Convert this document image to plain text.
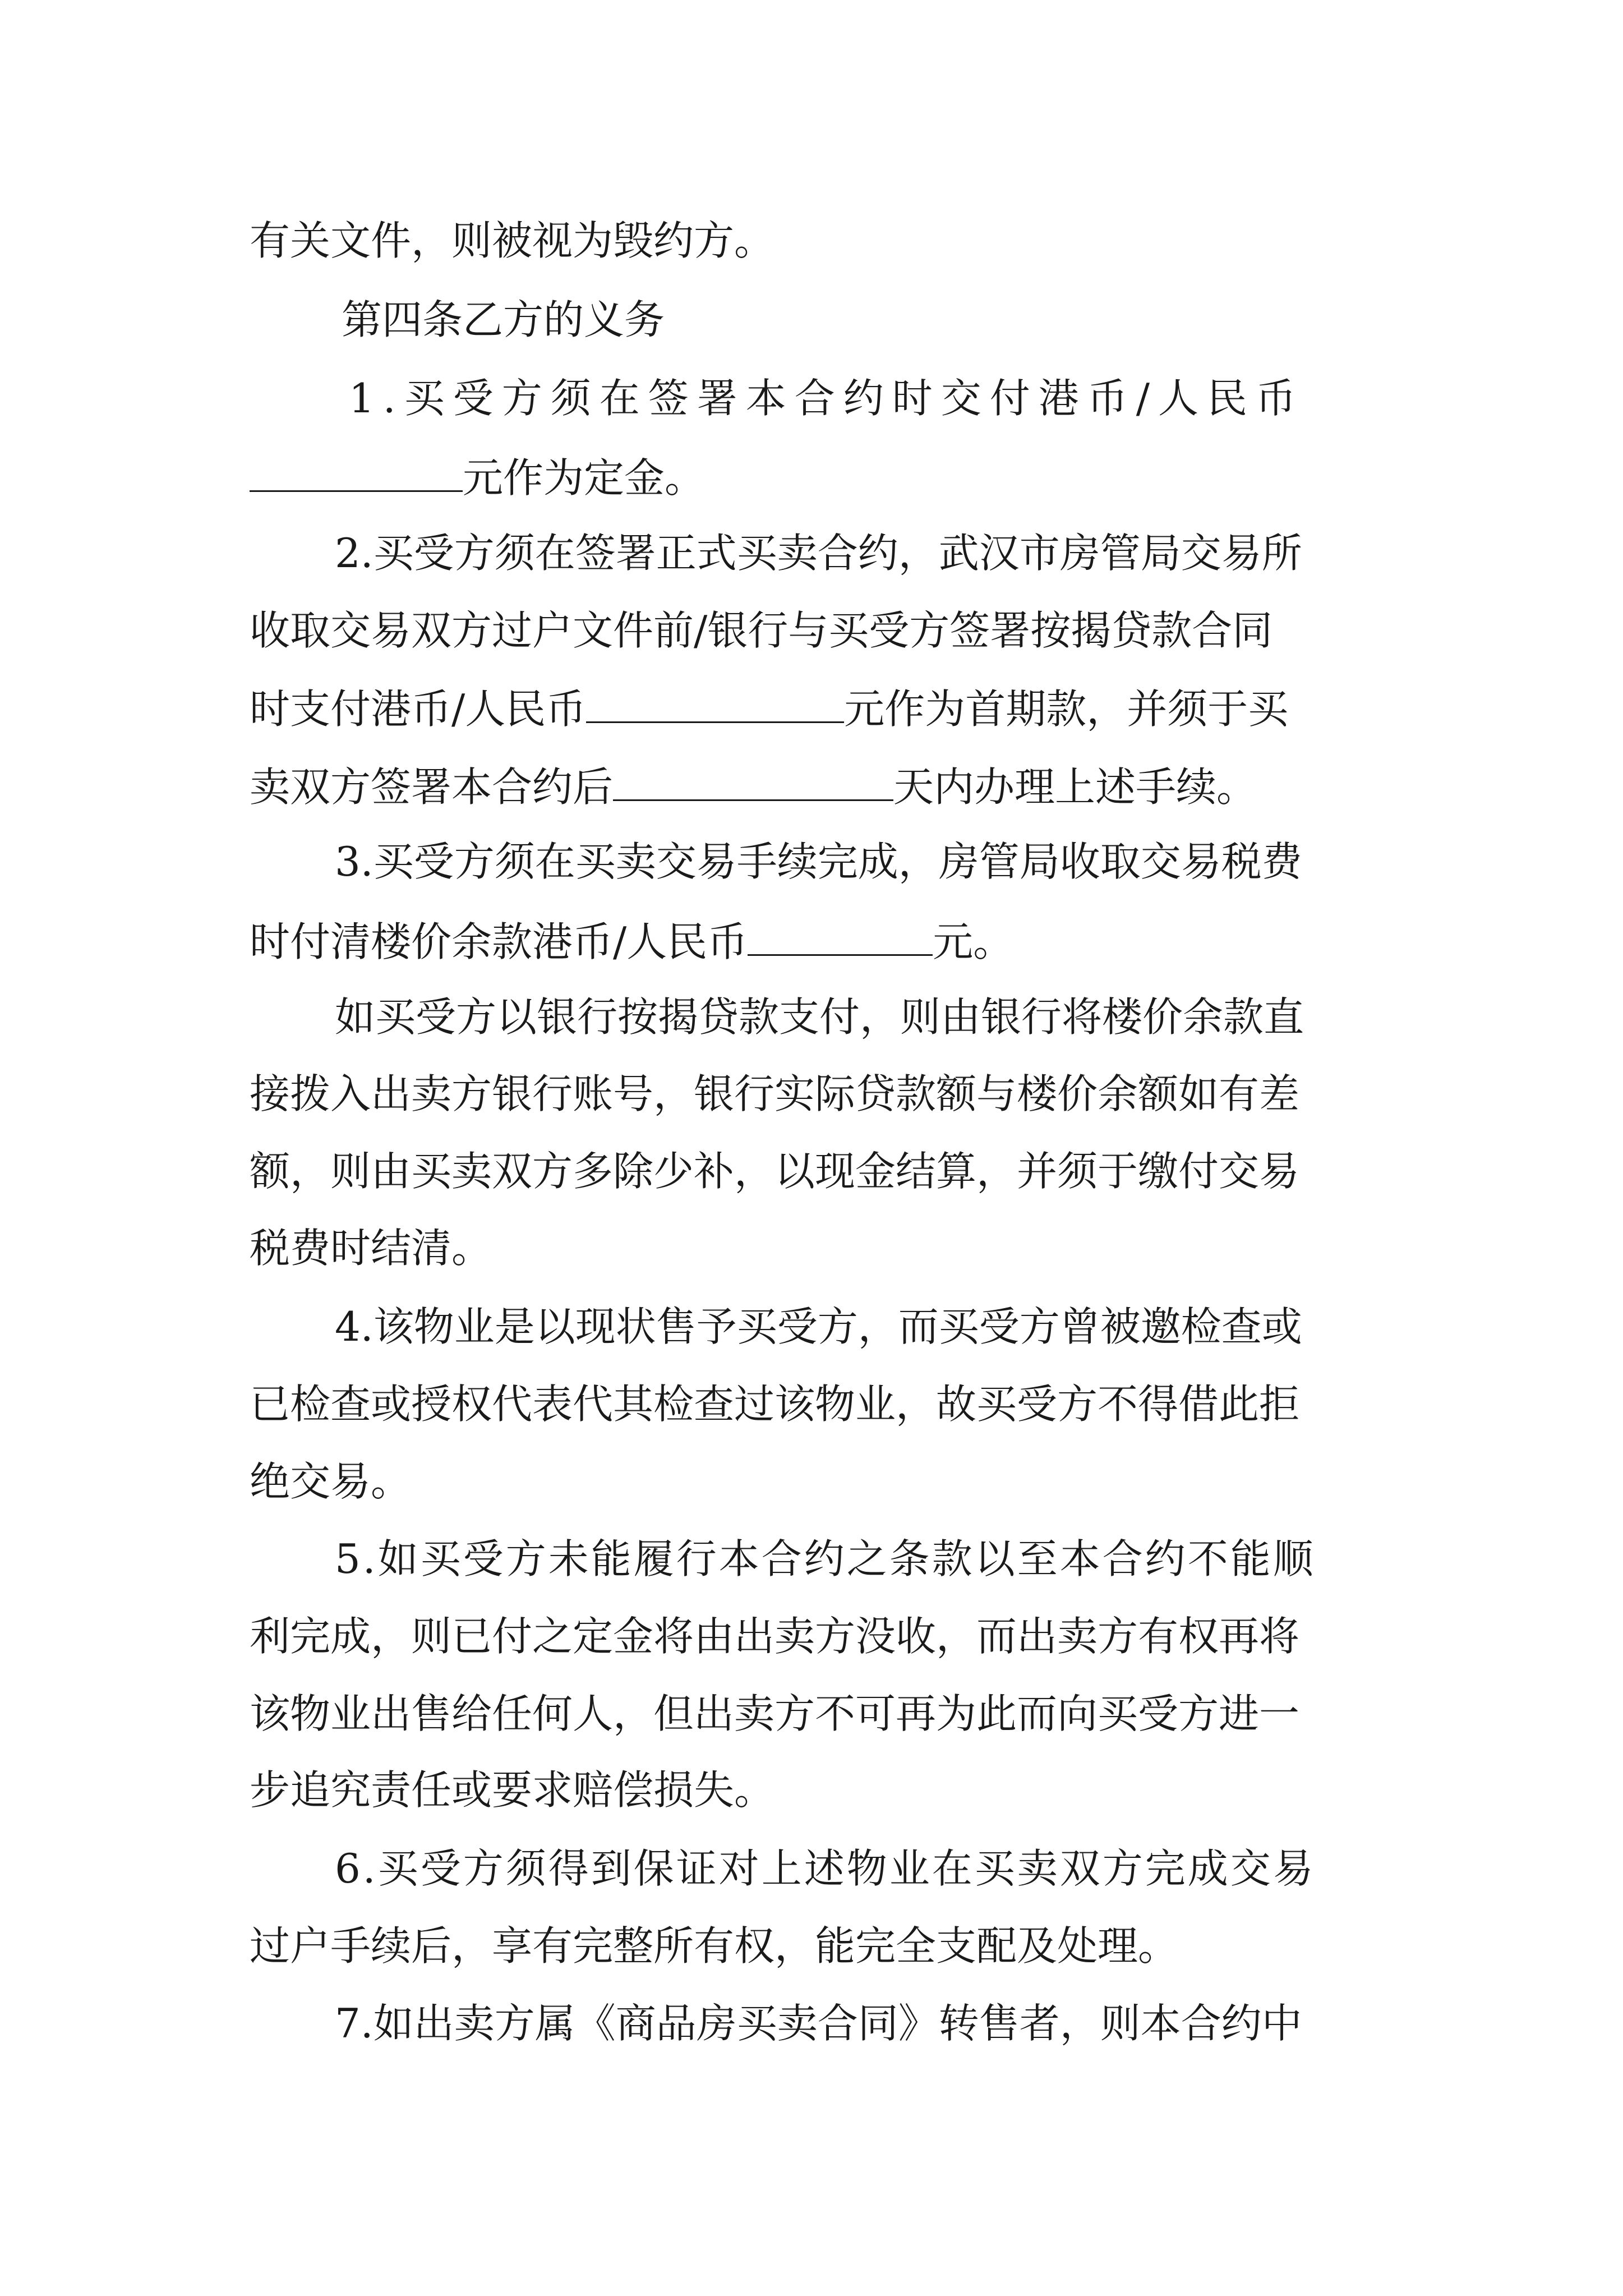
有关文件，则被视为毁约方。
第四条乙方的义务
1.买受方须在签署本合约时交付港币/人民币
元作为定金。
2.买受方须在签署正式买卖合约，武汉市房管局交易所
收取交易双方过户文件前/银行与买受方签署按揭贷款合同
时支付港币/人民币	元作为首期款，并须于买
卖双方签署本合约后	天内办理上述手续。
3.买受方须在买卖交易手续完成，房管局收取交易税费
时付清楼价余款港币/人民币	元。
如买受方以银行按揭贷款支付，则由银行将楼价余款直
接拨入出卖方银行账号，银行实际贷款额与楼价余额如有差
额，则由买卖双方多除少补，以现金结算，并须于缴付交易
税费时结清。
4.该物业是以现状售予买受方，而买受方曾被邀检查或
已检查或授权代表代其检查过该物业，故买受方不得借此拒
绝交易。
5.如买受方未能履行本合约之条款以至本合约不能顺
利完成，则已付之定金将由出卖方没收，而出卖方有权再将
该物业出售给任何人，但出卖方不可再为此而向买受方进一
步追究责任或要求赔偿损失。
6.买受方须得到保证对上述物业在买卖双方完成交易
过户手续后，享有完整所有权，能完全支配及处理。
7.如出卖方属《商品房买卖合同》转售者，则本合约中
